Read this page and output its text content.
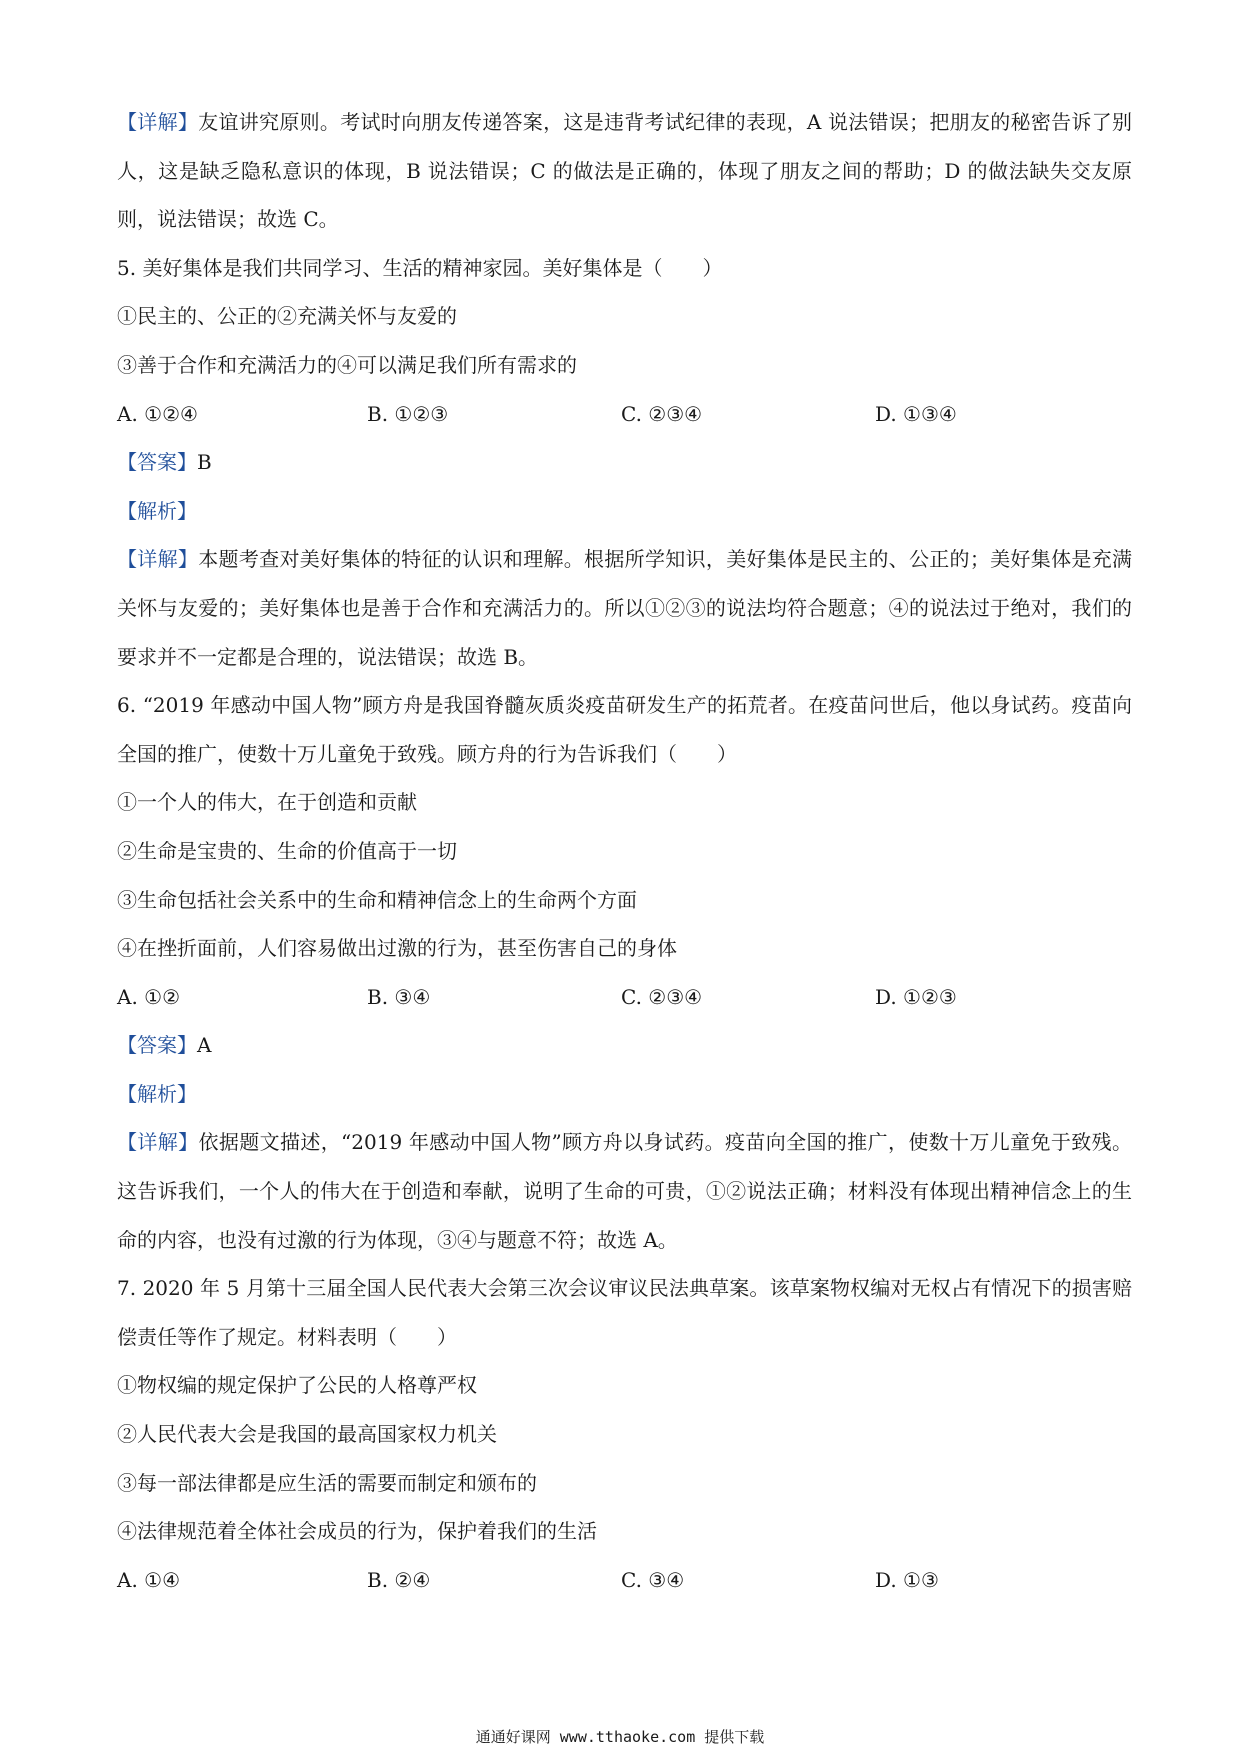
【详解】友谊讲究原则。考试时向朋友传递答案，这是违背考试纪律的表现，A 说法错误；把朋友的秘密告诉了别人，这是缺乏隐私意识的体现，B 说法错误；C 的做法是正确的，体现了朋友之间的帮助；D 的做法缺失交友原则，说法错误；故选 C。
5. 美好集体是我们共同学习、生活的精神家园。美好集体是（　　）
①民主的、公正的②充满关怀与友爱的
③善于合作和充满活力的④可以满足我们所有需求的
A. ①②④	B. ①②③	C. ②③④	D. ①③④
【答案】B
【解析】
【详解】本题考查对美好集体的特征的认识和理解。根据所学知识，美好集体是民主的、公正的；美好集体是充满关怀与友爱的；美好集体也是善于合作和充满活力的。所以①②③的说法均符合题意；④的说法过于绝对，我们的要求并不一定都是合理的，说法错误；故选 B。
6. “2019 年感动中国人物”顾方舟是我国脊髓灰质炎疫苗研发生产的拓荒者。在疫苗问世后，他以身试药。疫苗向全国的推广，使数十万儿童免于致残。顾方舟的行为告诉我们（　　）
①一个人的伟大，在于创造和贡献
②生命是宝贵的、生命的价值高于一切
③生命包括社会关系中的生命和精神信念上的生命两个方面
④在挫折面前，人们容易做出过激的行为，甚至伤害自己的身体
A. ①②	B. ③④	C. ②③④	D. ①②③
【答案】A
【解析】
【详解】依据题文描述，“2019 年感动中国人物”顾方舟以身试药。疫苗向全国的推广，使数十万儿童免于致残。这告诉我们，一个人的伟大在于创造和奉献，说明了生命的可贵，①②说法正确；材料没有体现出精神信念上的生命的内容，也没有过激的行为体现，③④与题意不符；故选 A。
7. 2020 年 5 月第十三届全国人民代表大会第三次会议审议民法典草案。该草案物权编对无权占有情况下的损害赔偿责任等作了规定。材料表明（　　）
①物权编的规定保护了公民的人格尊严权
②人民代表大会是我国的最高国家权力机关
③每一部法律都是应生活的需要而制定和颁布的
④法律规范着全体社会成员的行为，保护着我们的生活
A. ①④	B. ②④	C. ③④	D. ①③
通通好课网 www.tthaoke.com 提供下载
